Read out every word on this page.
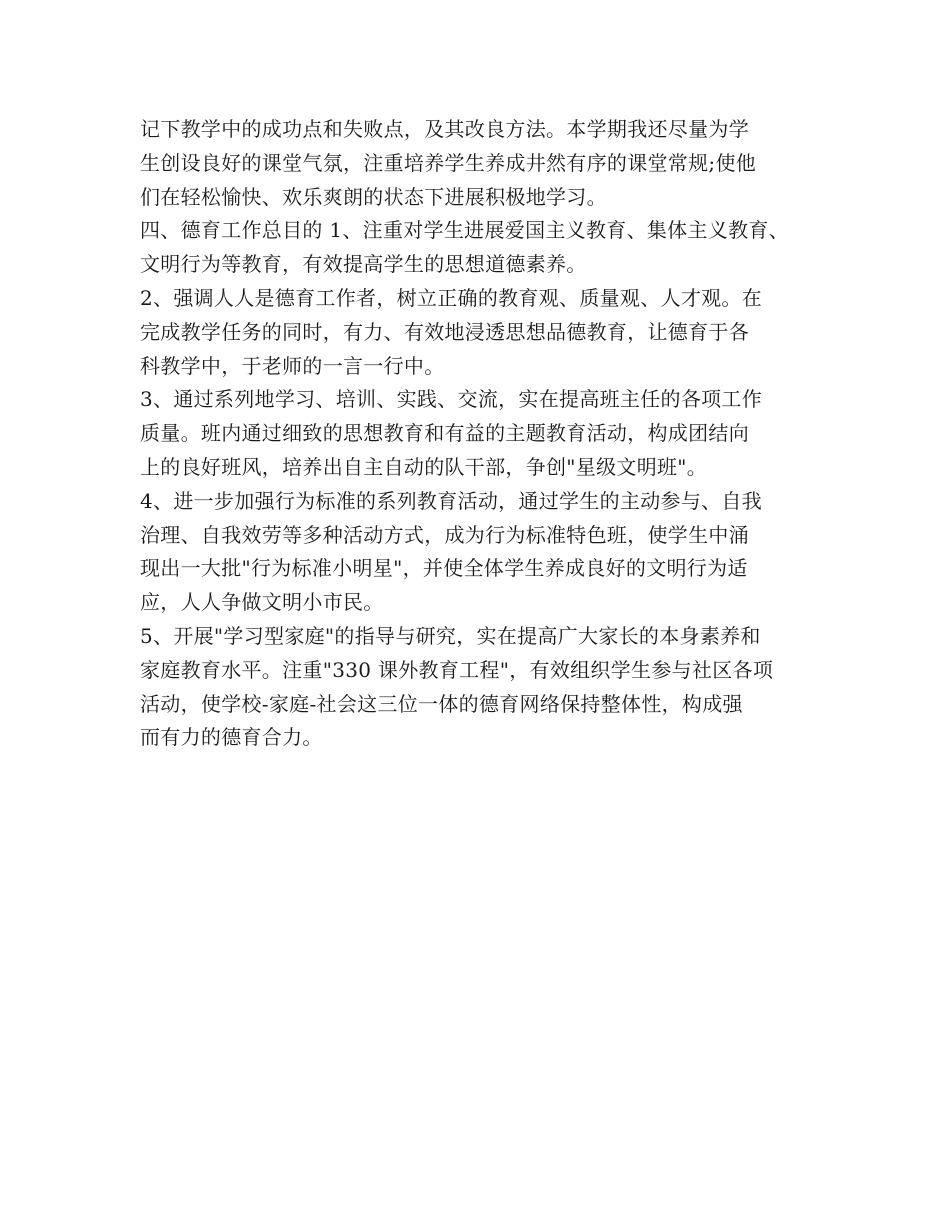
记下教学中的成功点和失败点，及其改良方法。本学期我还尽量为学

生创设良好的课堂气氛，注重培养学生养成井然有序的课堂常规;使他

们在轻松愉快、欢乐爽朗的状态下进展积极地学习。

四、德育工作总目的 1、注重对学生进展爱国主义教育、集体主义教育、

文明行为等教育，有效提高学生的思想道德素养。

2、强调人人是德育工作者，树立正确的教育观、质量观、人才观。在

完成教学任务的同时，有力、有效地浸透思想品德教育，让德育于各

科教学中，于老师的一言一行中。

3、通过系列地学习、培训、实践、交流，实在提高班主任的各项工作

质量。班内通过细致的思想教育和有益的主题教育活动，构成团结向

上的良好班风，培养出自主自动的队干部，争创"星级文明班"。

4、进一步加强行为标准的系列教育活动，通过学生的主动参与、自我

治理、自我效劳等多种活动方式，成为行为标准特色班，使学生中涌

现出一大批"行为标准小明星"，并使全体学生养成良好的文明行为适

应，人人争做文明小市民。

5、开展"学习型家庭"的指导与研究，实在提高广大家长的本身素养和

家庭教育水平。注重"330 课外教育工程"，有效组织学生参与社区各项

活动，使学校-家庭-社会这三位一体的德育网络保持整体性，构成强

而有力的德育合力。
